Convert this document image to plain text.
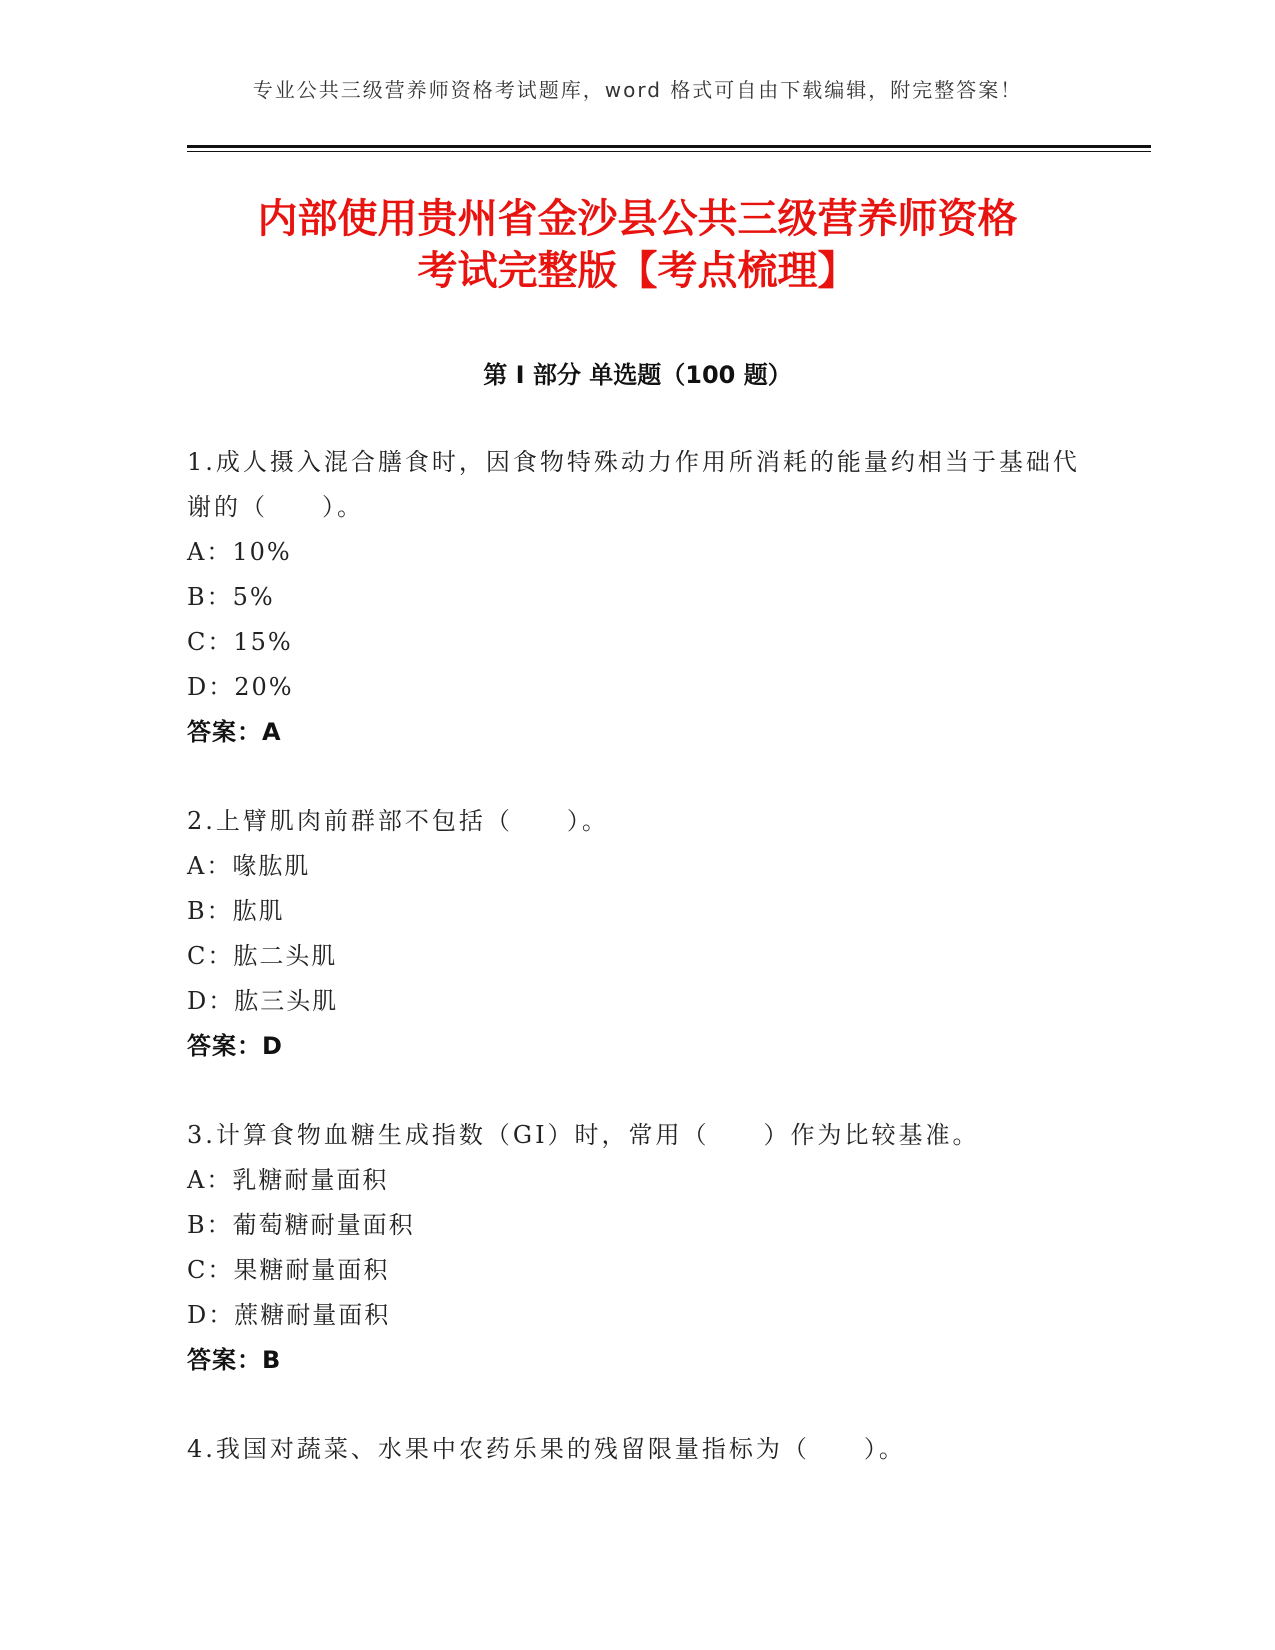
专业公共三级营养师资格考试题库，word 格式可自由下载编辑，附完整答案！
内部使用贵州省金沙县公共三级营养师资格
考试完整版【考点梳理】
第 I 部分 单选题（100 题）
1.成人摄入混合膳食时，因食物特殊动力作用所消耗的能量约相当于基础代谢的（　　）。
A：10%
B：5%
C：15%
D：20%
答案：A
2.上臂肌肉前群部不包括（　　）。
A：喙肱肌
B：肱肌
C：肱二头肌
D：肱三头肌
答案：D
3.计算食物血糖生成指数（GI）时，常用（　　）作为比较基准。
A：乳糖耐量面积
B：葡萄糖耐量面积
C：果糖耐量面积
D：蔗糖耐量面积
答案：B
4.我国对蔬菜、水果中农药乐果的残留限量指标为（　　）。
